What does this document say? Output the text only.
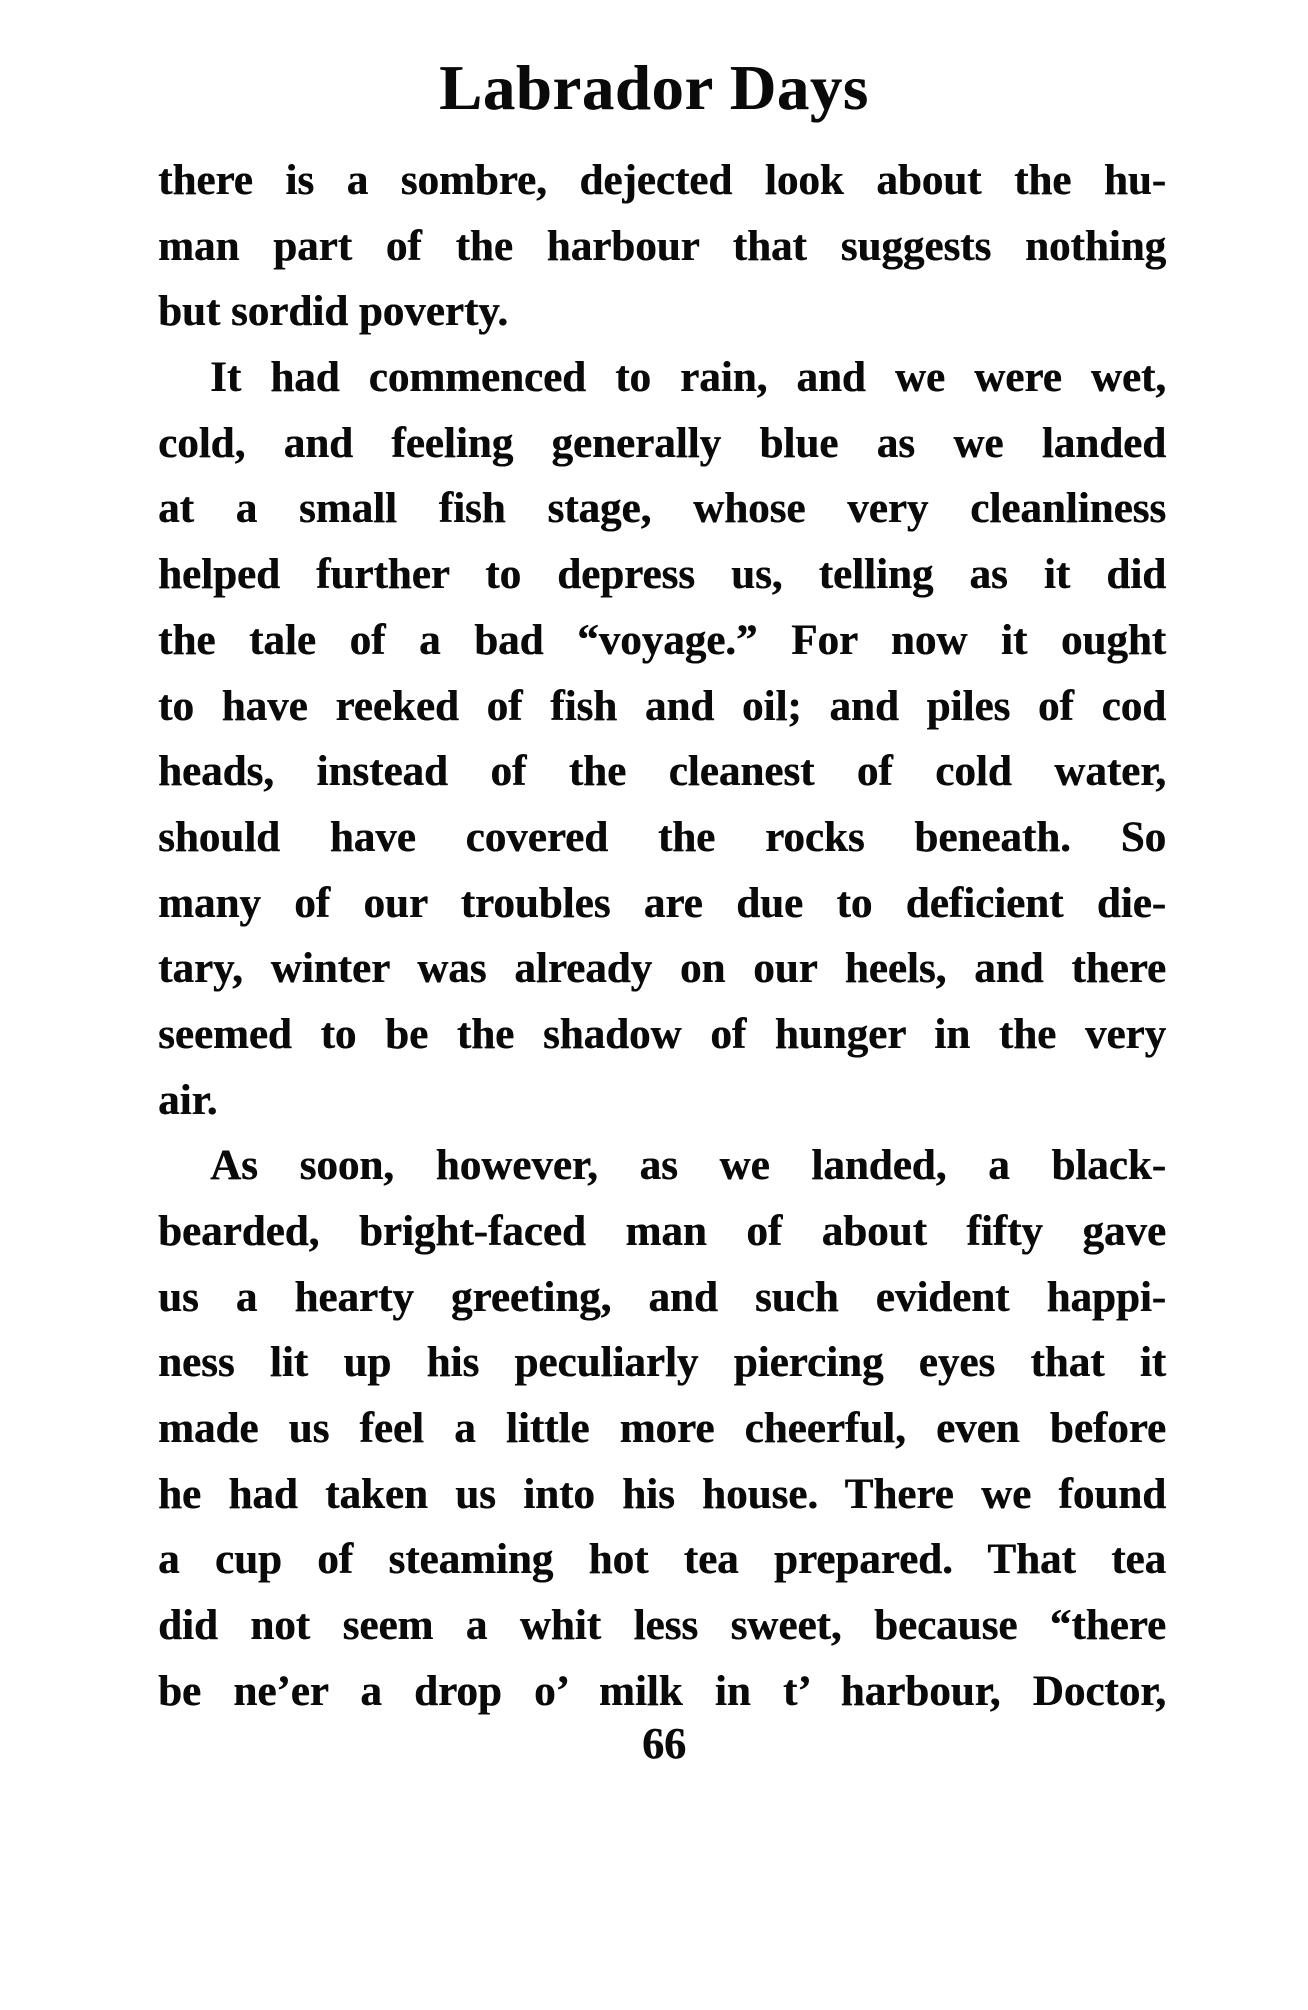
Labrador Days
there is a sombre, dejected look about the hu-
man part of the harbour that suggests nothing
but sordid poverty.
It had commenced to rain, and we were wet,
cold, and feeling generally blue as we landed
at a small fish stage, whose very cleanliness
helped further to depress us, telling as it did
the tale of a bad “voyage.” For now it ought
to have reeked of fish and oil; and piles of cod
heads, instead of the cleanest of cold water,
should have covered the rocks beneath. So
many of our troubles are due to deficient die-
tary, winter was already on our heels, and there
seemed to be the shadow of hunger in the very
air.
As soon, however, as we landed, a black-
bearded, bright-faced man of about fifty gave
us a hearty greeting, and such evident happi-
ness lit up his peculiarly piercing eyes that it
made us feel a little more cheerful, even before
he had taken us into his house. There we found
a cup of steaming hot tea prepared. That tea
did not seem a whit less sweet, because “there
be ne’er a drop o’ milk in t’ harbour, Doctor,
66
